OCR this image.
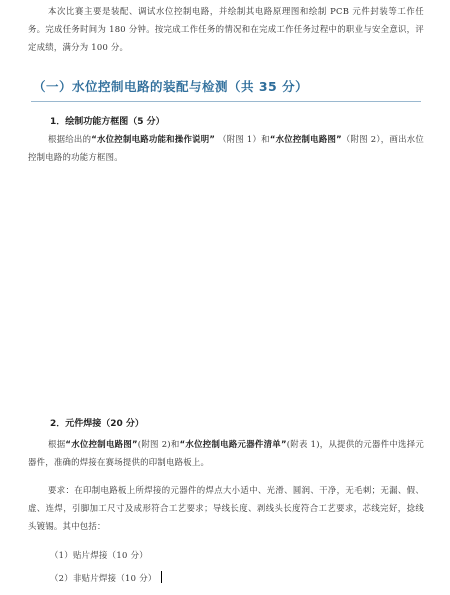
本次比赛主要是装配、调试水位控制电路，并绘制其电路原理图和绘制 PCB 元件封装等工作任务。完成任务时间为 180 分钟。按完成工作任务的情况和在完成工作任务过程中的职业与安全意识，评定成绩，满分为 100 分。
（一）水位控制电路的装配与检测（共 35 分）
1．绘制功能方框图（5 分）
根据给出的“水位控制电路功能和操作说明” （附图 1）和“水位控制电路图”（附图 2），画出水位控制电路的功能方框图。
2．元件焊接（20 分）
根据“水位控制电路图”(附图 2)和“水位控制电路元器件清单”(附表 1)，从提供的元器件中选择元器件，准确的焊接在赛场提供的印制电路板上。
要求：在印制电路板上所焊接的元器件的焊点大小适中、光滑、圆润、干净，无毛刺；无漏、假、虚、连焊，引脚加工尺寸及成形符合工艺要求；导线长度、剥线头长度符合工艺要求，芯线完好，捻线头镀锡。其中包括：
（1）贴片焊接（10 分）
（2）非贴片焊接（10 分）
